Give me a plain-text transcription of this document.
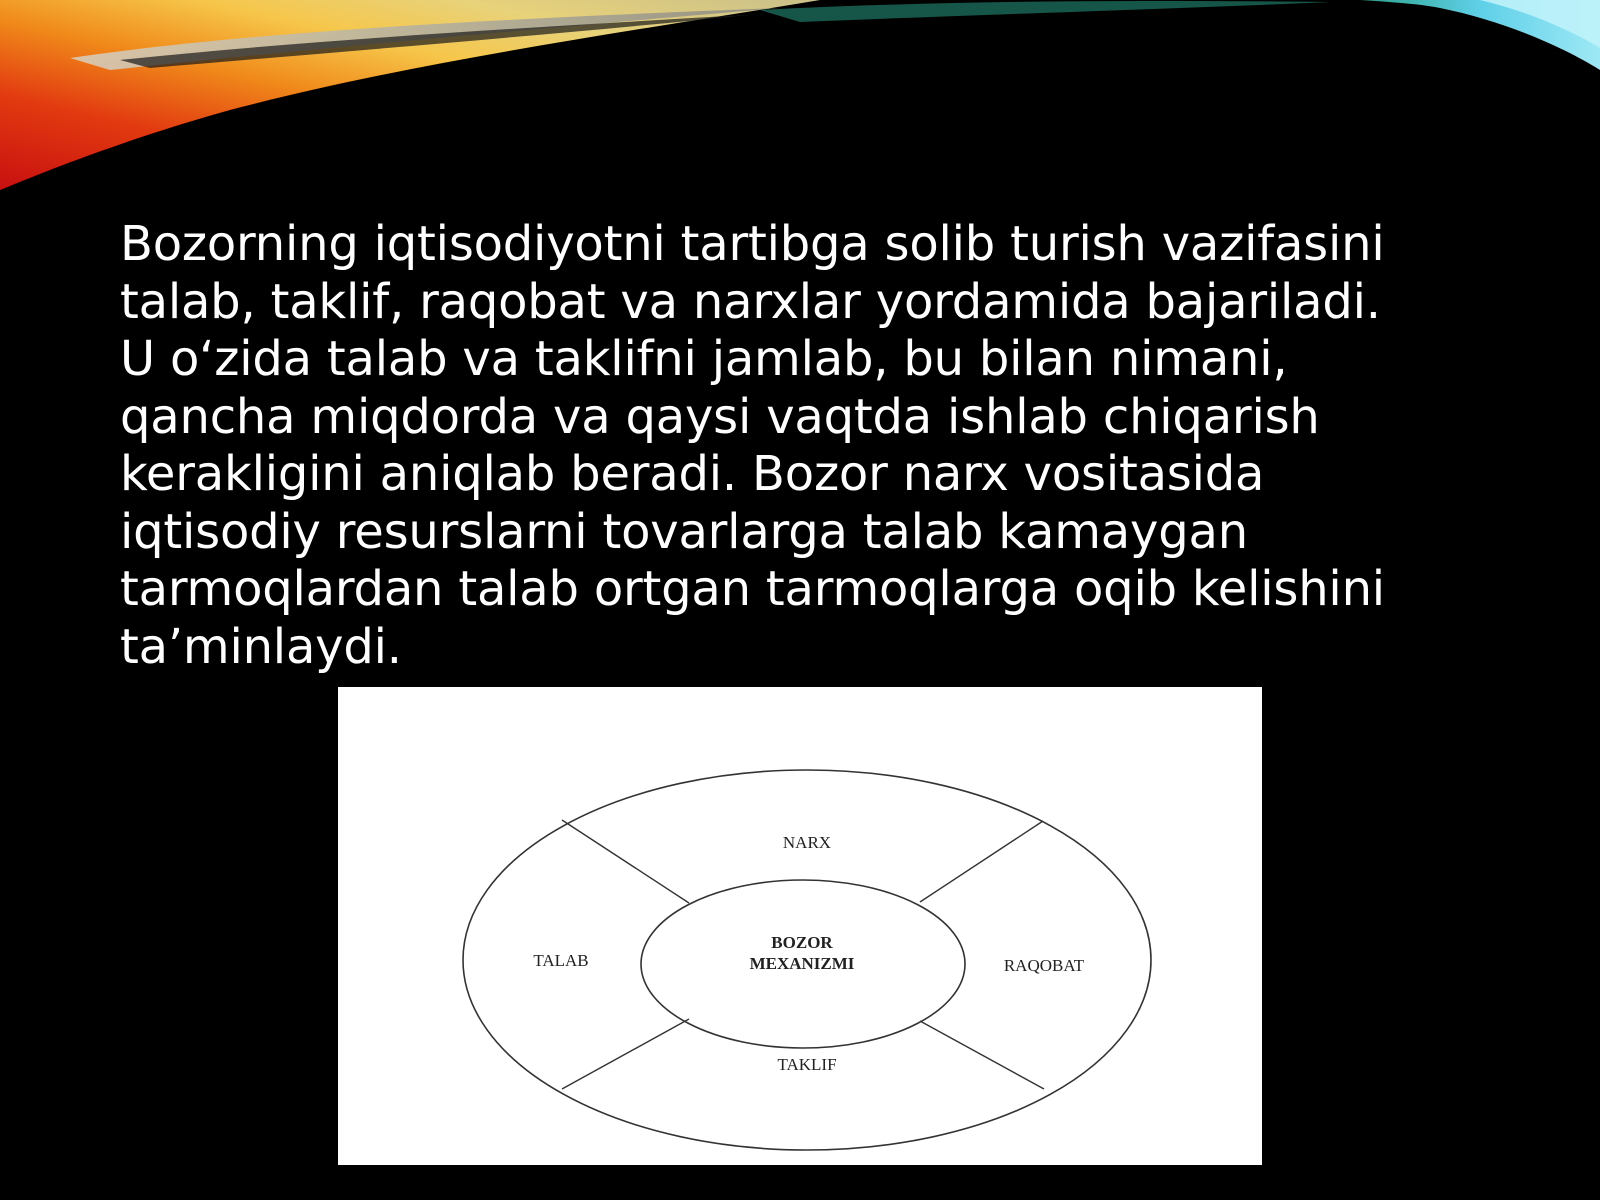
Bozorning iqtisodiyotni tartibga solib turish vazifasini
talab, taklif, raqobat va narxlar yordamida bajariladi.
U o‘zida talab va taklifni jamlab, bu bilan nimani,
qancha miqdorda va qaysi vaqtda ishlab chiqarish
kerakligini aniqlab beradi. Bozor narx vositasida
iqtisodiy resurslarni tovarlarga talab kamaygan
tarmoqlardan talab ortgan tarmoqlarga oqib kelishini
ta’minlaydi.

NARX
TALAB	RAQOBAT
TAKLIF
BOZOR
MEXANIZMI
